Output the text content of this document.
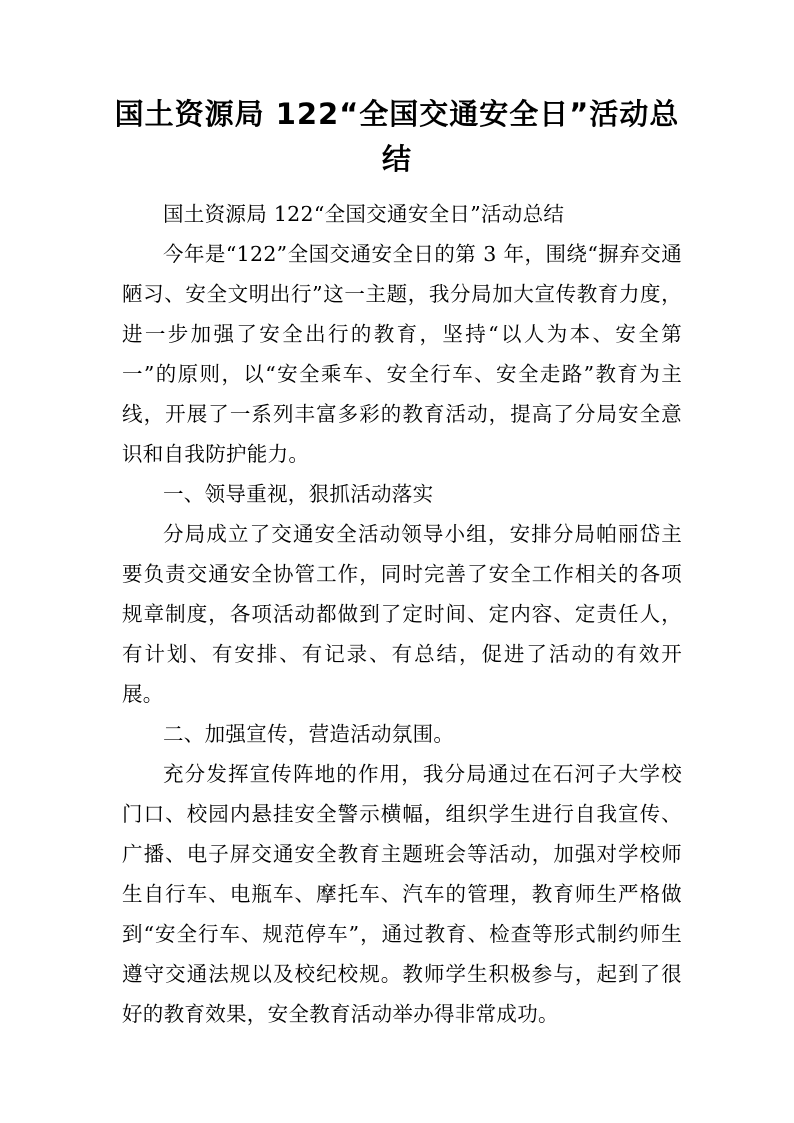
国土资源局 122“全国交通安全日”活动总结

国土资源局 122“全国交通安全日”活动总结

今年是“122”全国交通安全日的第 3 年，围绕“摒弃交通陋习、安全文明出行”这一主题，我分局加大宣传教育力度，进一步加强了安全出行的教育，坚持“以人为本、安全第一”的原则，以“安全乘车、安全行车、安全走路”教育为主线，开展了一系列丰富多彩的教育活动，提高了分局安全意识和自我防护能力。

一、领导重视，狠抓活动落实

分局成立了交通安全活动领导小组，安排分局帕丽岱主要负责交通安全协管工作，同时完善了安全工作相关的各项规章制度，各项活动都做到了定时间、定内容、定责任人，有计划、有安排、有记录、有总结，促进了活动的有效开展。

二、加强宣传，营造活动氛围。

充分发挥宣传阵地的作用，我分局通过在石河子大学校门口、校园内悬挂安全警示横幅，组织学生进行自我宣传、广播、电子屏交通安全教育主题班会等活动，加强对学校师生自行车、电瓶车、摩托车、汽车的管理，教育师生严格做到“安全行车、规范停车”，通过教育、检查等形式制约师生遵守交通法规以及校纪校规。教师学生积极参与，起到了很好的教育效果，安全教育活动举办得非常成功。
